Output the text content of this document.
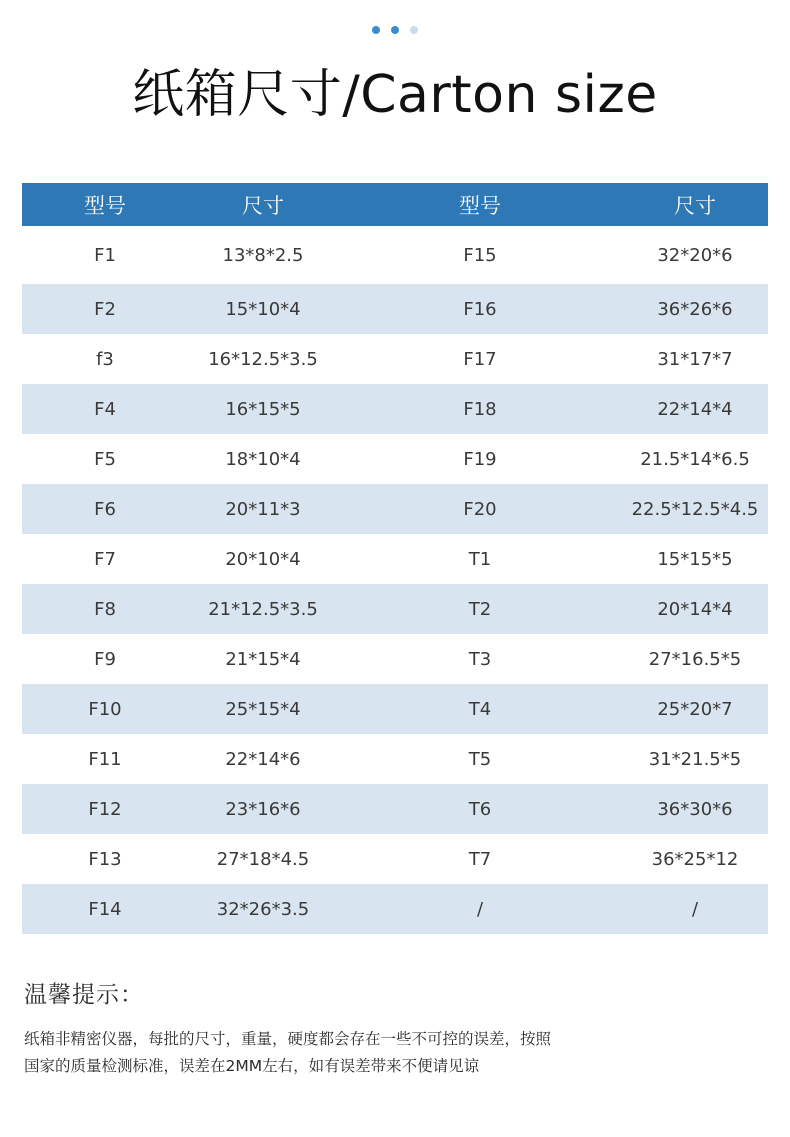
纸箱尺寸/Carton size
型号	尺寸	型号	尺寸
F1	13*8*2.5	F15	32*20*6
F2	15*10*4	F16	36*26*6
f3	16*12.5*3.5	F17	31*17*7
F4	16*15*5	F18	22*14*4
F5	18*10*4	F19	21.5*14*6.5
F6	20*11*3	F20	22.5*12.5*4.5
F7	20*10*4	T1	15*15*5
F8	21*12.5*3.5	T2	20*14*4
F9	21*15*4	T3	27*16.5*5
F10	25*15*4	T4	25*20*7
F11	22*14*6	T5	31*21.5*5
F12	23*16*6	T6	36*30*6
F13	27*18*4.5	T7	36*25*12
F14	32*26*3.5	/	/
温馨提示：
纸箱非精密仪器，每批的尺寸，重量，硬度都会存在一些不可控的误差，按照
国家的质量检测标准，误差在2MM左右，如有误差带来不便请见谅
